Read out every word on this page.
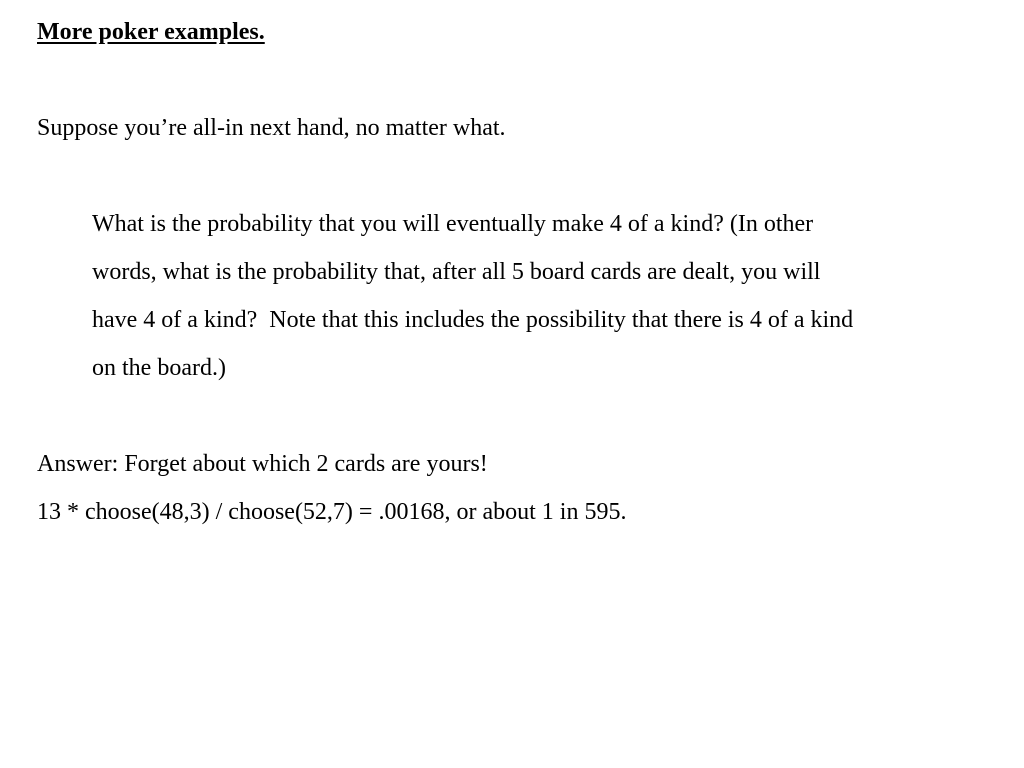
More poker examples.
Suppose you’re all-in next hand, no matter what.
What is the probability that you will eventually make 4 of a kind? (In other
words, what is the probability that, after all 5 board cards are dealt, you will
have 4 of a kind?  Note that this includes the possibility that there is 4 of a kind
on the board.)
Answer: Forget about which 2 cards are yours!
13 * choose(48,3) / choose(52,7) = .00168, or about 1 in 595.
